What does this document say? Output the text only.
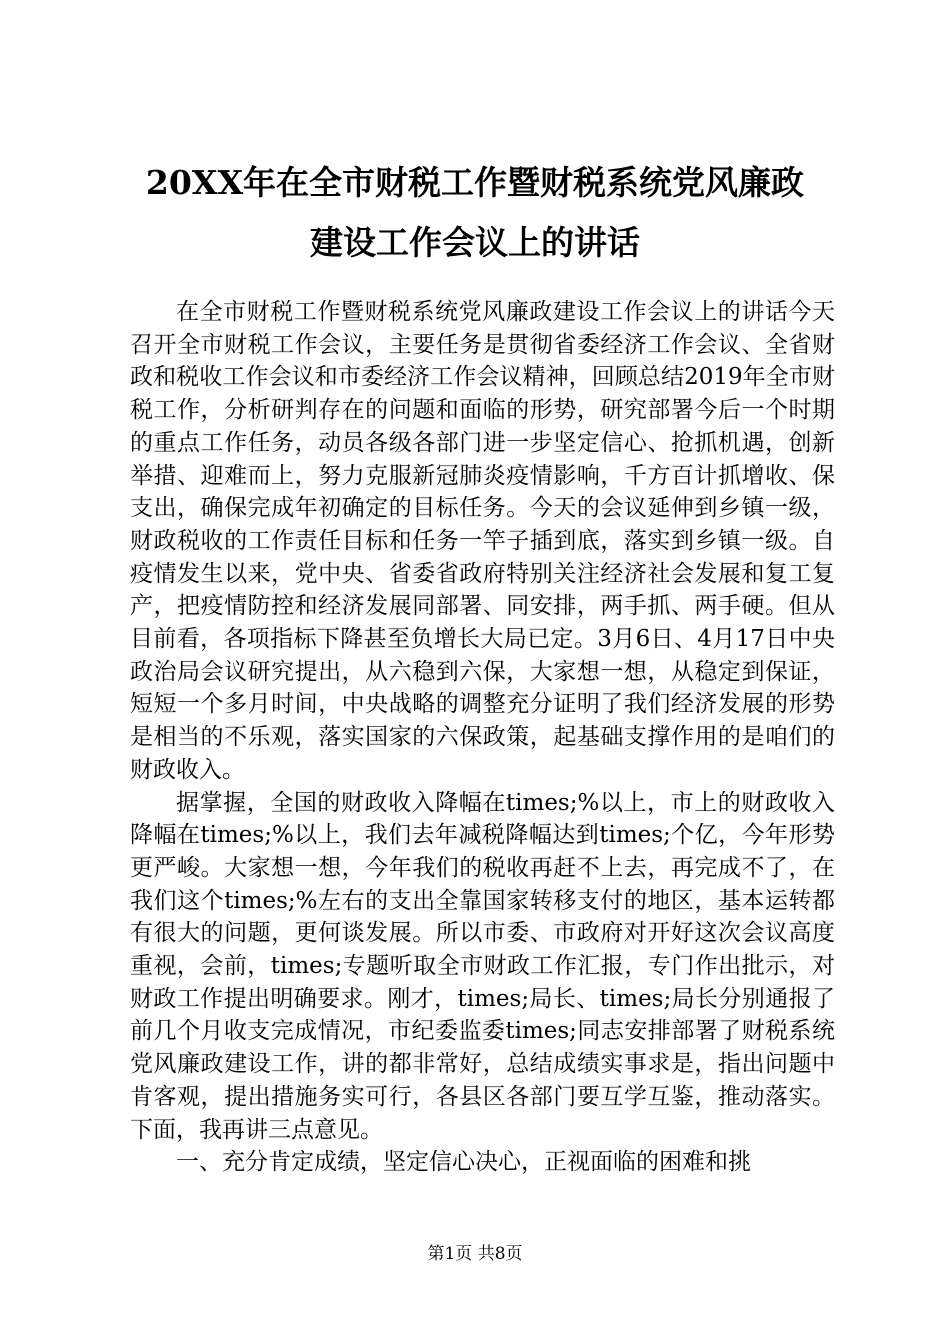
20XX年在全市财税工作暨财税系统党风廉政
建设工作会议上的讲话

在全市财税工作暨财税系统党风廉政建设工作会议上的讲话今天召开全市财税工作会议，主要任务是贯彻省委经济工作会议、全省财政和税收工作会议和市委经济工作会议精神，回顾总结2019年全市财税工作，分析研判存在的问题和面临的形势，研究部署今后一个时期的重点工作任务，动员各级各部门进一步坚定信心、抢抓机遇，创新举措、迎难而上，努力克服新冠肺炎疫情影响，千方百计抓增收、保支出，确保完成年初确定的目标任务。今天的会议延伸到乡镇一级，财政税收的工作责任目标和任务一竿子插到底，落实到乡镇一级。自疫情发生以来，党中央、省委省政府特别关注经济社会发展和复工复产，把疫情防控和经济发展同部署、同安排，两手抓、两手硬。但从目前看，各项指标下降甚至负增长大局已定。3月6日、4月17日中央政治局会议研究提出，从六稳到六保，大家想一想，从稳定到保证，短短一个多月时间，中央战略的调整充分证明了我们经济发展的形势是相当的不乐观，落实国家的六保政策，起基础支撑作用的是咱们的财政收入。

据掌握，全国的财政收入降幅在times;%以上，市上的财政收入降幅在times;%以上，我们去年减税降幅达到times;个亿，今年形势更严峻。大家想一想，今年我们的税收再赶不上去，再完成不了，在我们这个times;%左右的支出全靠国家转移支付的地区，基本运转都有很大的问题，更何谈发展。所以市委、市政府对开好这次会议高度重视，会前，times;专题听取全市财政工作汇报，专门作出批示，对财政工作提出明确要求。刚才，times;局长、times;局长分别通报了前几个月收支完成情况，市纪委监委times;同志安排部署了财税系统党风廉政建设工作，讲的都非常好，总结成绩实事求是，指出问题中肯客观，提出措施务实可行，各县区各部门要互学互鉴，推动落实。下面，我再讲三点意见。

一、充分肯定成绩，坚定信心决心，正视面临的困难和挑

第1页 共8页
